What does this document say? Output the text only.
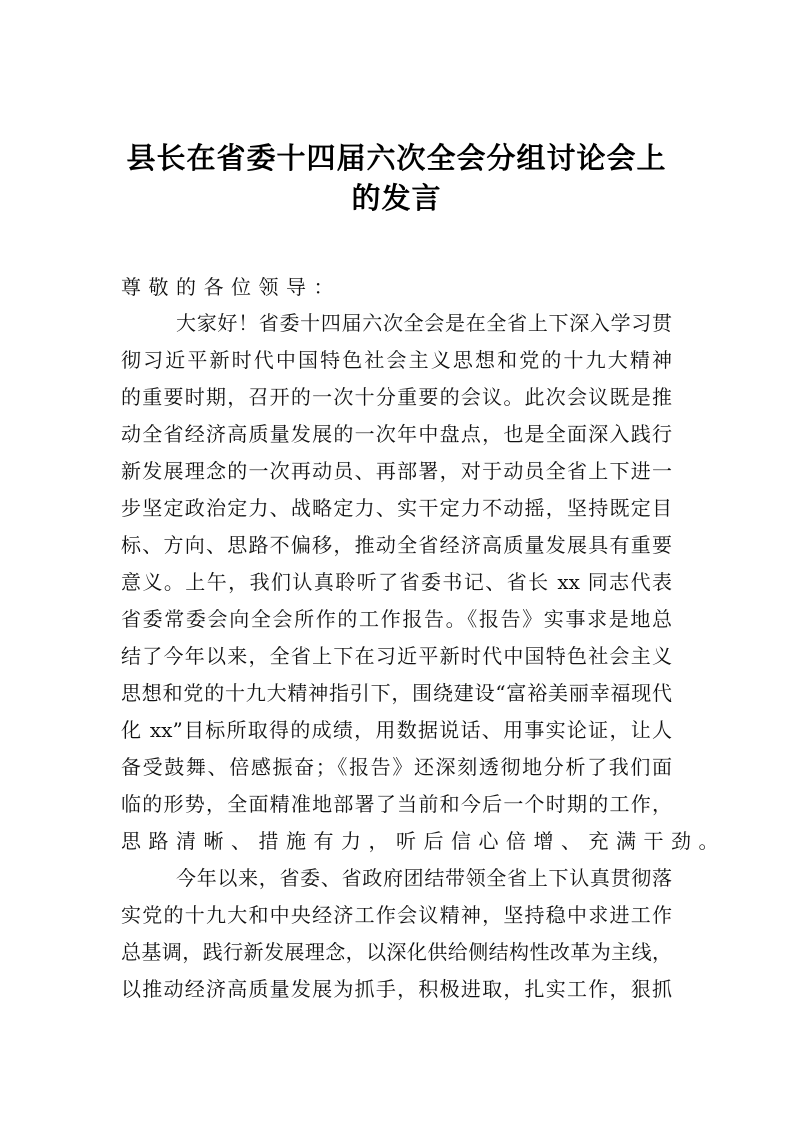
县长在省委十四届六次全会分组讨论会上
的发言
尊敬的各位领导：
大家好！省委十四届六次全会是在全省上下深入学习贯
彻习近平新时代中国特色社会主义思想和党的十九大精神
的重要时期，召开的一次十分重要的会议。此次会议既是推
动全省经济高质量发展的一次年中盘点，也是全面深入践行
新发展理念的一次再动员、再部署，对于动员全省上下进一
步坚定政治定力、战略定力、实干定力不动摇，坚持既定目
标、方向、思路不偏移，推动全省经济高质量发展具有重要
意义。上午，我们认真聆听了省委书记、省长 xx 同志代表
省委常委会向全会所作的工作报告。《报告》实事求是地总
结了今年以来，全省上下在习近平新时代中国特色社会主义
思想和党的十九大精神指引下，围绕建设“富裕美丽幸福现代
化 xx”目标所取得的成绩，用数据说话、用事实论证，让人
备受鼓舞、倍感振奋；《报告》还深刻透彻地分析了我们面
临的形势，全面精准地部署了当前和今后一个时期的工作，
思路清晰、措施有力，听后信心倍增、充满干劲。
今年以来，省委、省政府团结带领全省上下认真贯彻落
实党的十九大和中央经济工作会议精神，坚持稳中求进工作
总基调，践行新发展理念，以深化供给侧结构性改革为主线，
以推动经济高质量发展为抓手，积极进取，扎实工作，狠抓
